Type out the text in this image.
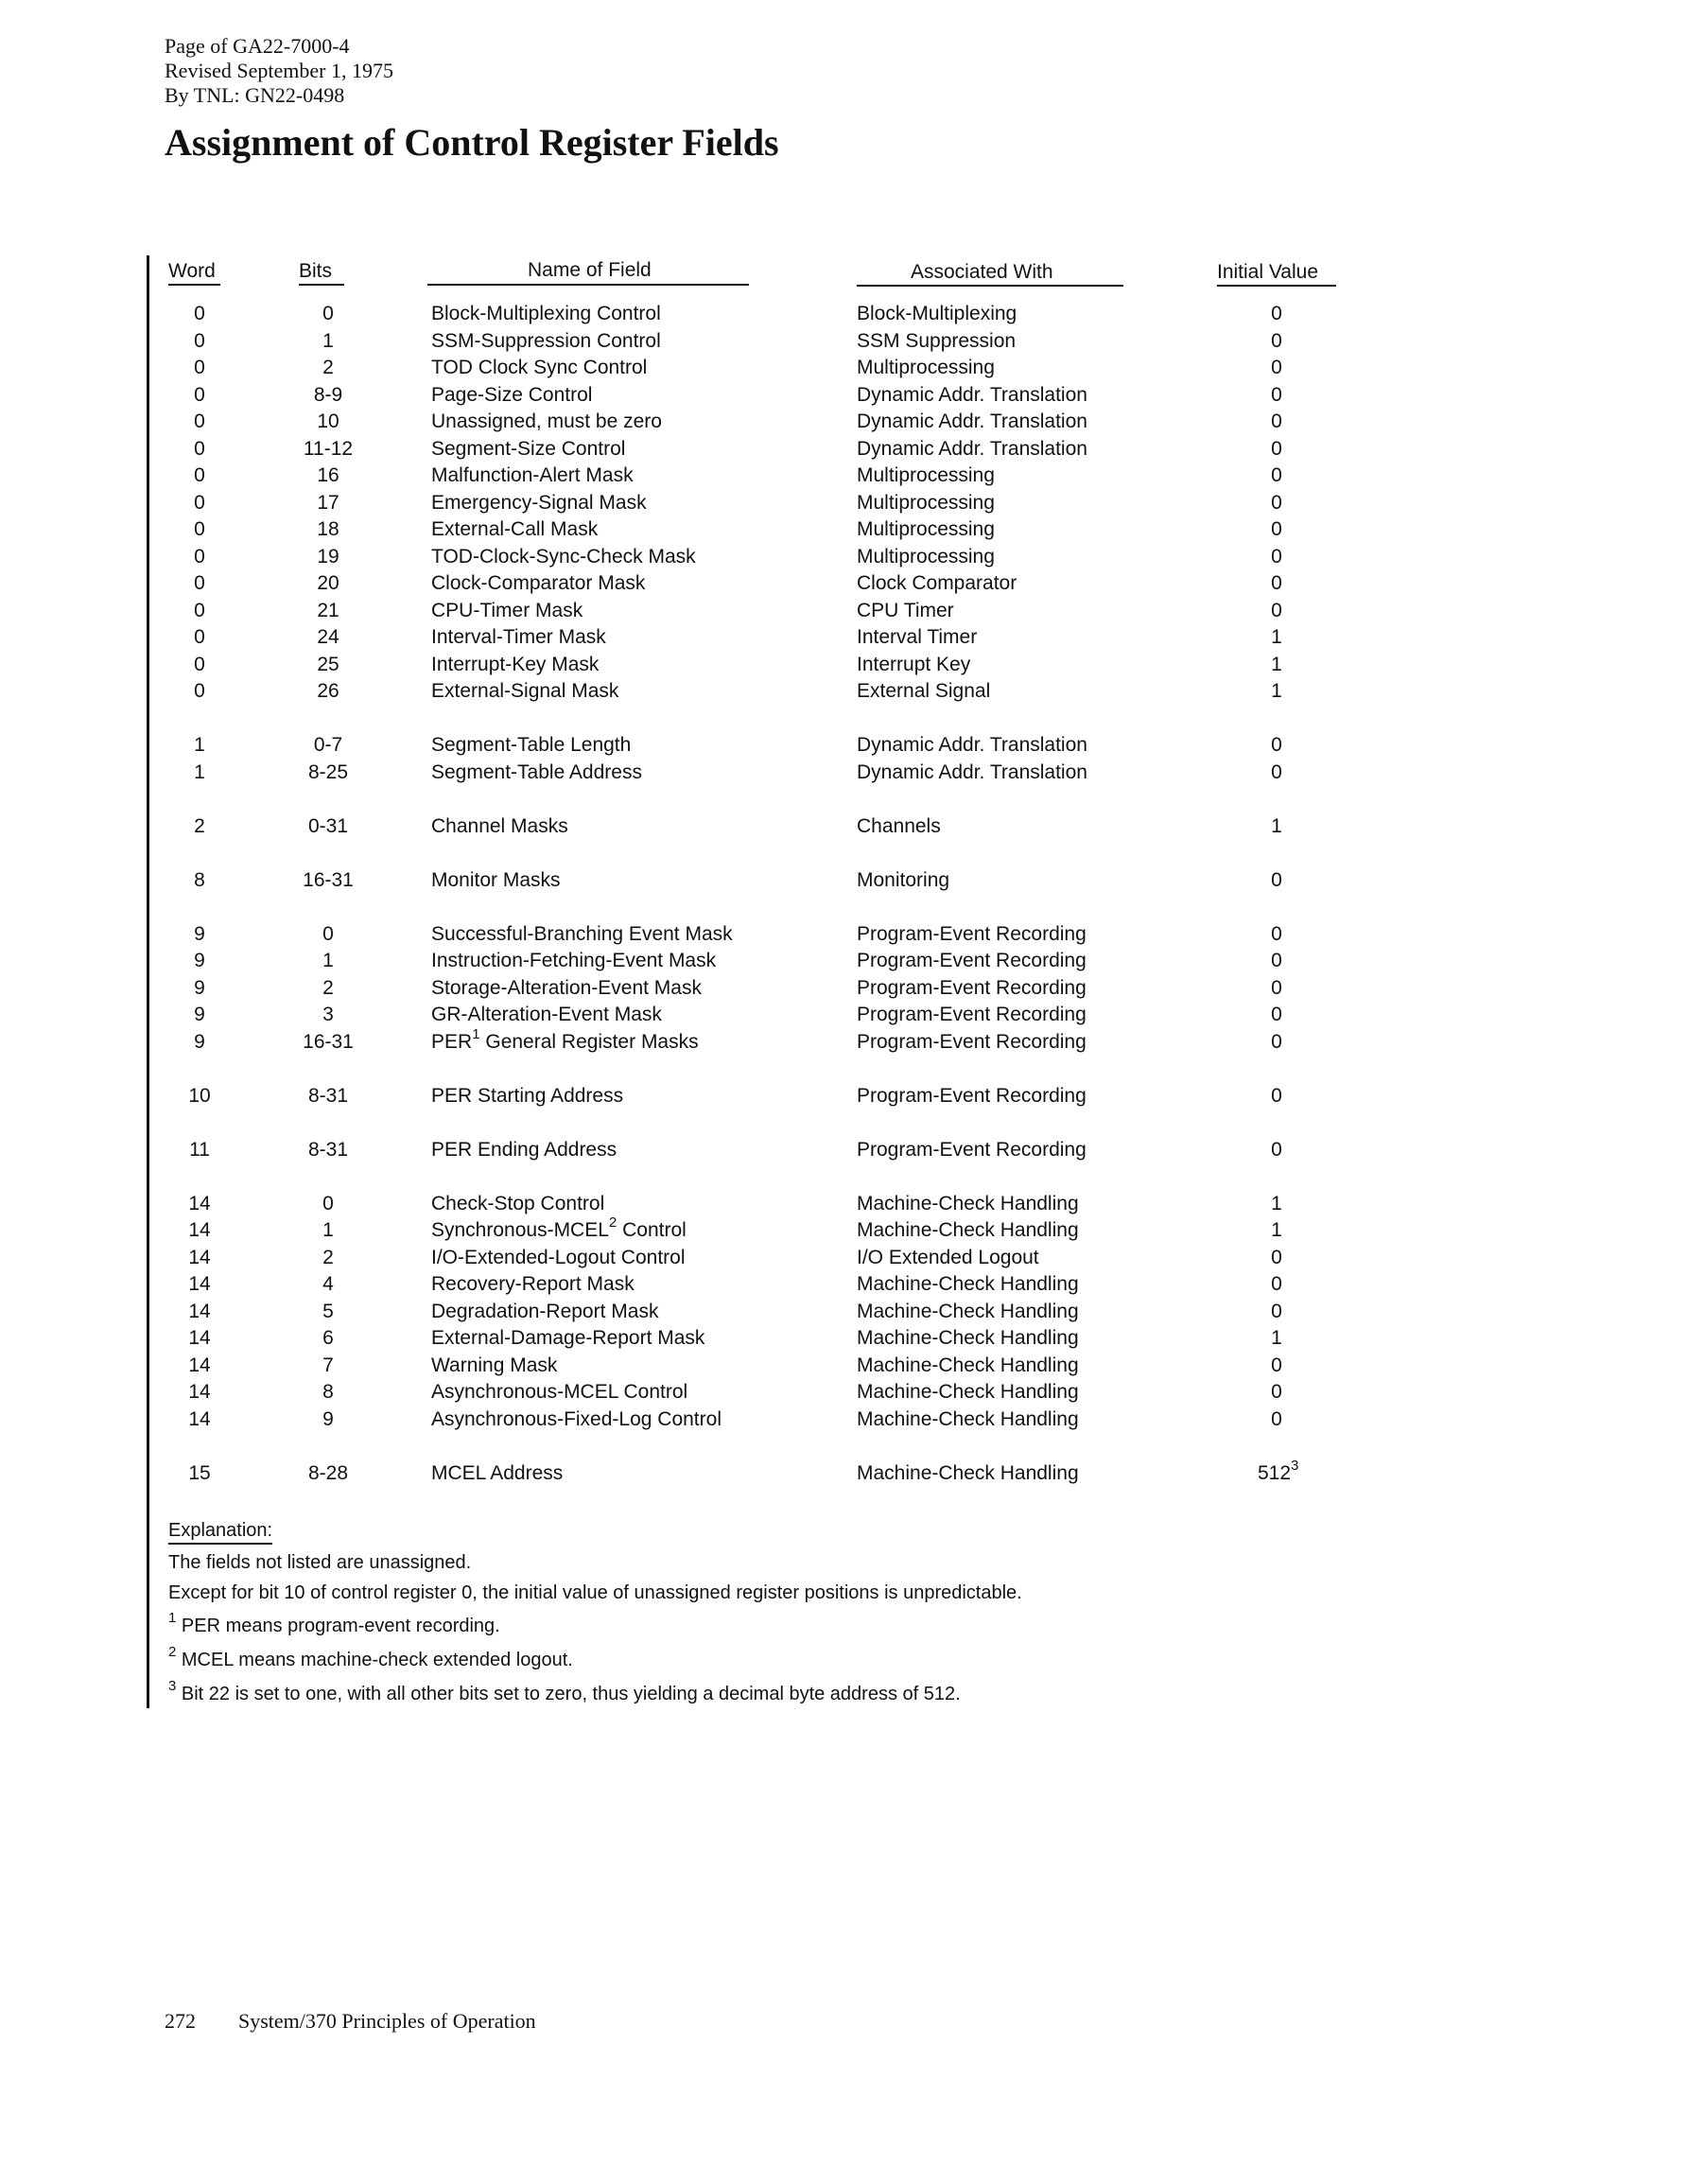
Page of GA22-7000-4
Revised September 1, 1975
By TNL: GN22-0498
Assignment of Control Register Fields
Word	Bits	Name of Field	Associated With	Initial Value
0	0	Block-Multiplexing Control	Block-Multiplexing	0
0	1	SSM-Suppression Control	SSM Suppression	0
0	2	TOD Clock Sync Control	Multiprocessing	0
0	8-9	Page-Size Control	Dynamic Addr. Translation	0
0	10	Unassigned, must be zero	Dynamic Addr. Translation	0
0	11-12	Segment-Size Control	Dynamic Addr. Translation	0
0	16	Malfunction-Alert Mask	Multiprocessing	0
0	17	Emergency-Signal Mask	Multiprocessing	0
0	18	External-Call Mask	Multiprocessing	0
0	19	TOD-Clock-Sync-Check Mask	Multiprocessing	0
0	20	Clock-Comparator Mask	Clock Comparator	0
0	21	CPU-Timer Mask	CPU Timer	0
0	24	Interval-Timer Mask	Interval Timer	1
0	25	Interrupt-Key Mask	Interrupt Key	1
0	26	External-Signal Mask	External Signal	1
1	0-7	Segment-Table Length	Dynamic Addr. Translation	0
1	8-25	Segment-Table Address	Dynamic Addr. Translation	0
2	0-31	Channel Masks	Channels	1
8	16-31	Monitor Masks	Monitoring	0
9	0	Successful-Branching Event Mask	Program-Event Recording	0
9	1	Instruction-Fetching-Event Mask	Program-Event Recording	0
9	2	Storage-Alteration-Event Mask	Program-Event Recording	0
9	3	GR-Alteration-Event Mask	Program-Event Recording	0
9	16-31	PER$^1$ General Register Masks	Program-Event Recording	0
10	8-31	PER Starting Address	Program-Event Recording	0
11	8-31	PER Ending Address	Program-Event Recording	0
14	0	Check-Stop Control	Machine-Check Handling	1
14	1	Synchronous-MCEL$^2$ Control	Machine-Check Handling	1
14	2	I/O-Extended-Logout Control	I/O Extended Logout	0
14	4	Recovery-Report Mask	Machine-Check Handling	0
14	5	Degradation-Report Mask	Machine-Check Handling	0
14	6	External-Damage-Report Mask	Machine-Check Handling	1
14	7	Warning Mask	Machine-Check Handling	0
14	8	Asynchronous-MCEL Control	Machine-Check Handling	0
14	9	Asynchronous-Fixed-Log Control	Machine-Check Handling	0
15	8-28	MCEL Address	Machine-Check Handling	$512^3$
Explanation:
The fields not listed are unassigned.
Except for bit 10 of control register 0, the initial value of unassigned register positions is unpredictable.
$^1$ PER means program-event recording.
$^2$ MCEL means machine-check extended logout.
$^3$ Bit 22 is set to one, with all other bits set to zero, thus yielding a decimal byte address of 512.
272 System/370 Principles of Operation
